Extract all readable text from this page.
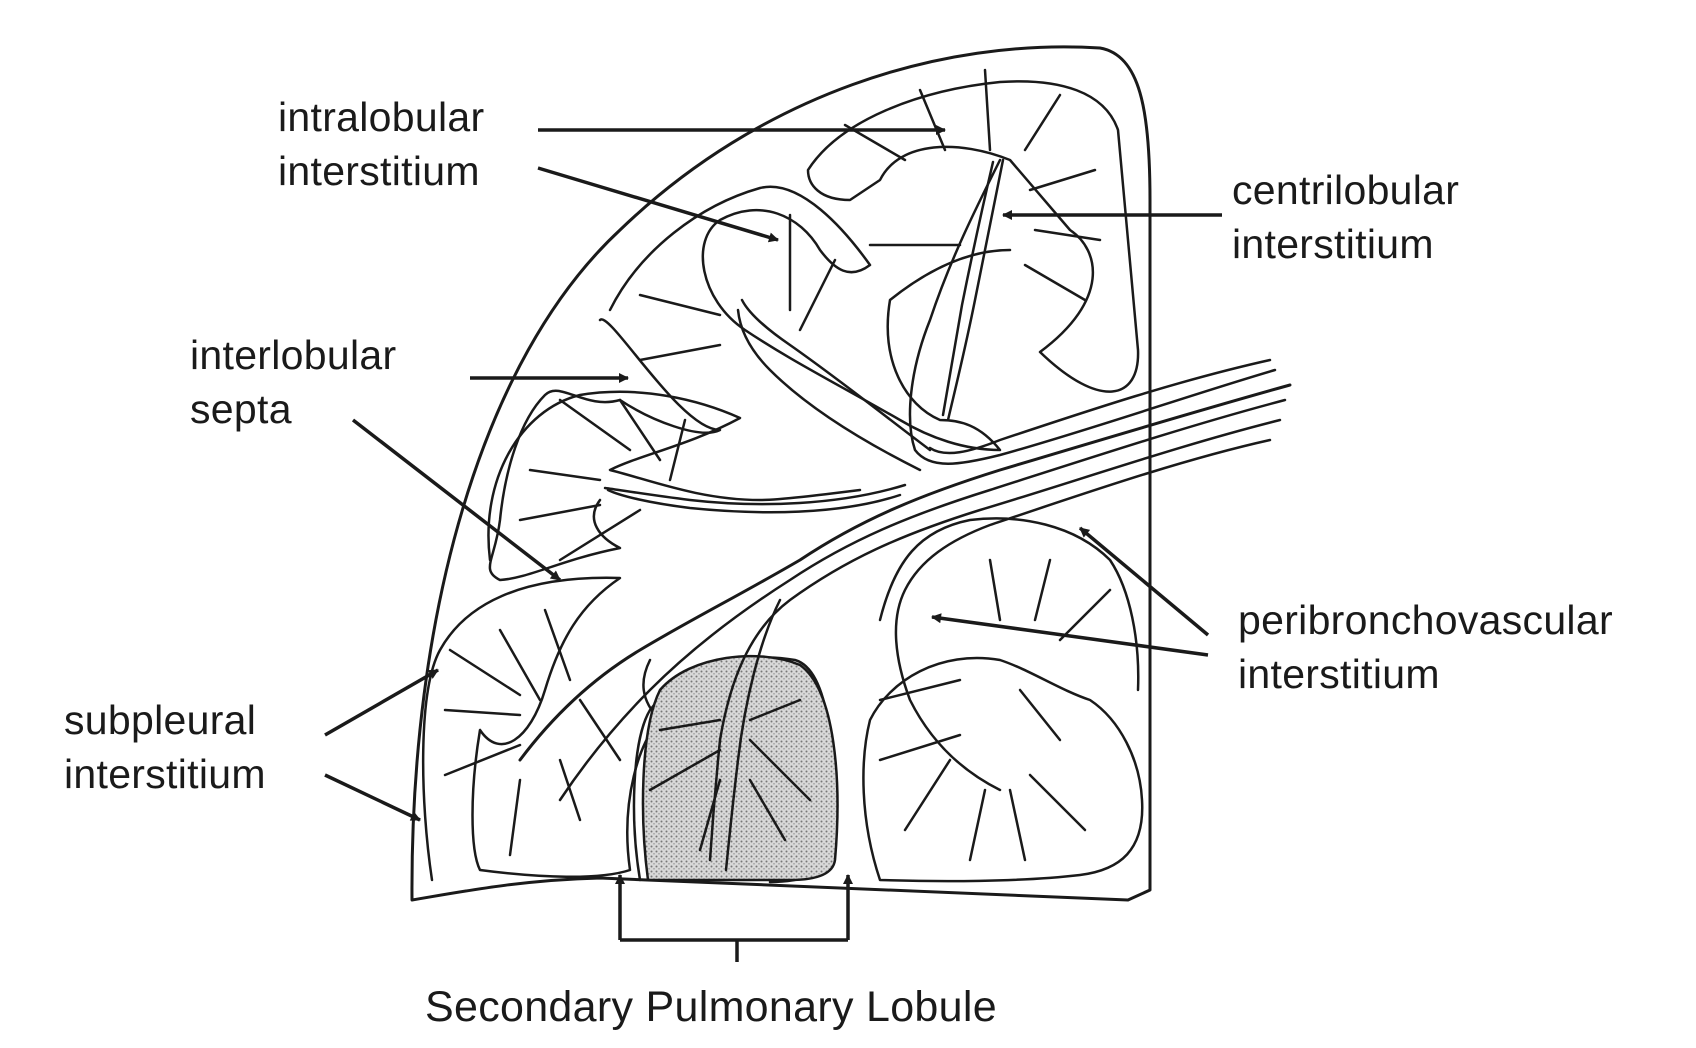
intralobular
interstitium	centrilobular
interstitium
interlobular
septa
peribronchovascular
interstitium
subpleural
interstitium
Secondary Pulmonary Lobule
